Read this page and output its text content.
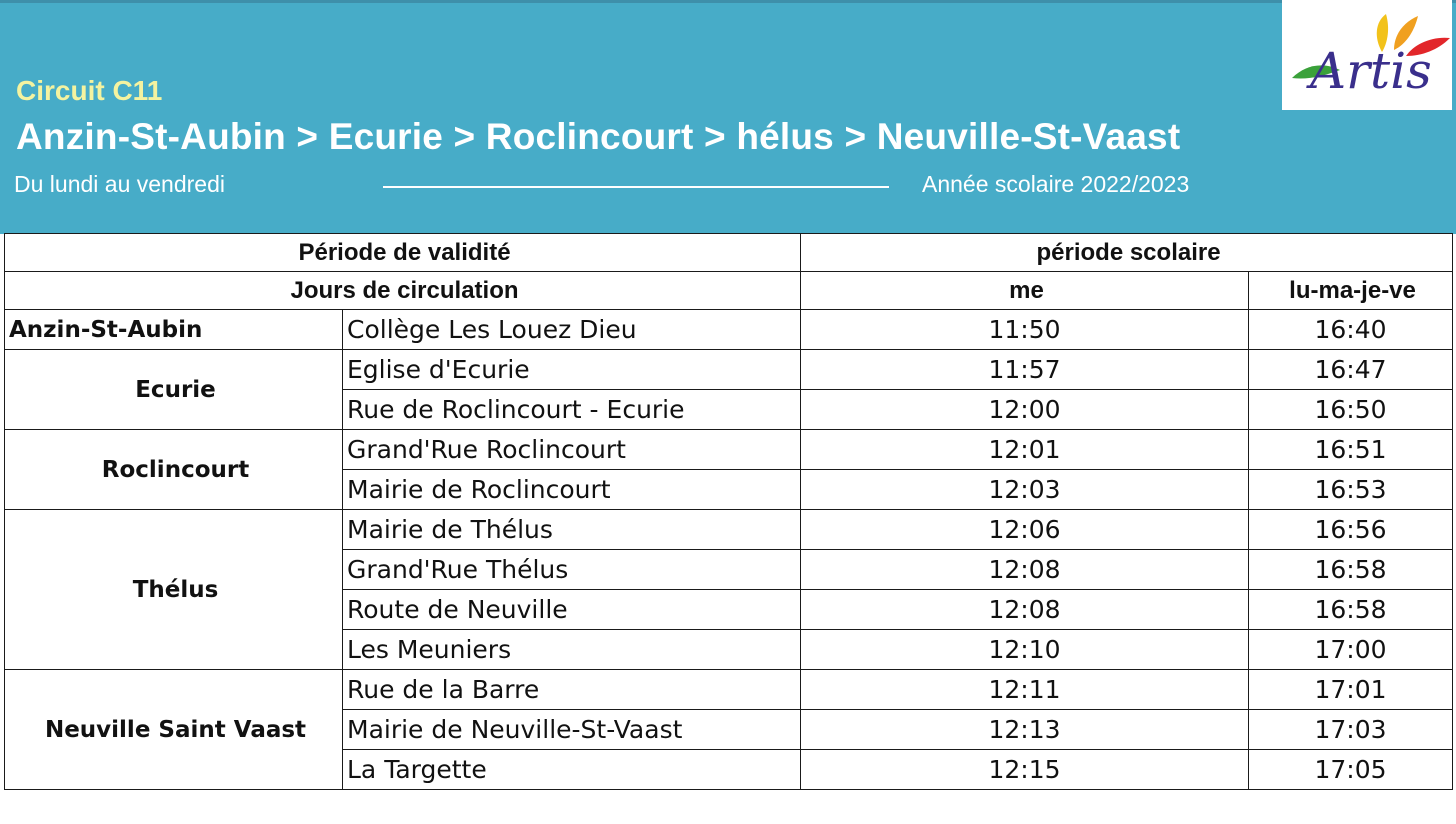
Circuit C11
Anzin-St-Aubin > Ecurie > Roclincourt > hélus > Neuville-St-Vaast
Du lundi au vendredi	Année scolaire 2022/2023
Artis
Période de validité		période scolaire	
Jours de circulation		me	lu-ma-je-ve
Anzin-St-Aubin	Collège Les Louez Dieu	11:50	16:40
Ecurie	Eglise d'Ecurie	11:57	16:47
	Rue de Roclincourt - Ecurie	12:00	16:50
Roclincourt	Grand'Rue Roclincourt	12:01	16:51
	Mairie de Roclincourt	12:03	16:53
Thélus	Mairie de Thélus	12:06	16:56
	Grand'Rue Thélus	12:08	16:58
	Route de Neuville	12:08	16:58
	Les Meuniers	12:10	17:00
Neuville Saint Vaast	Rue de la Barre	12:11	17:01
	Mairie de Neuville-St-Vaast	12:13	17:03
	La Targette	12:15	17:05
